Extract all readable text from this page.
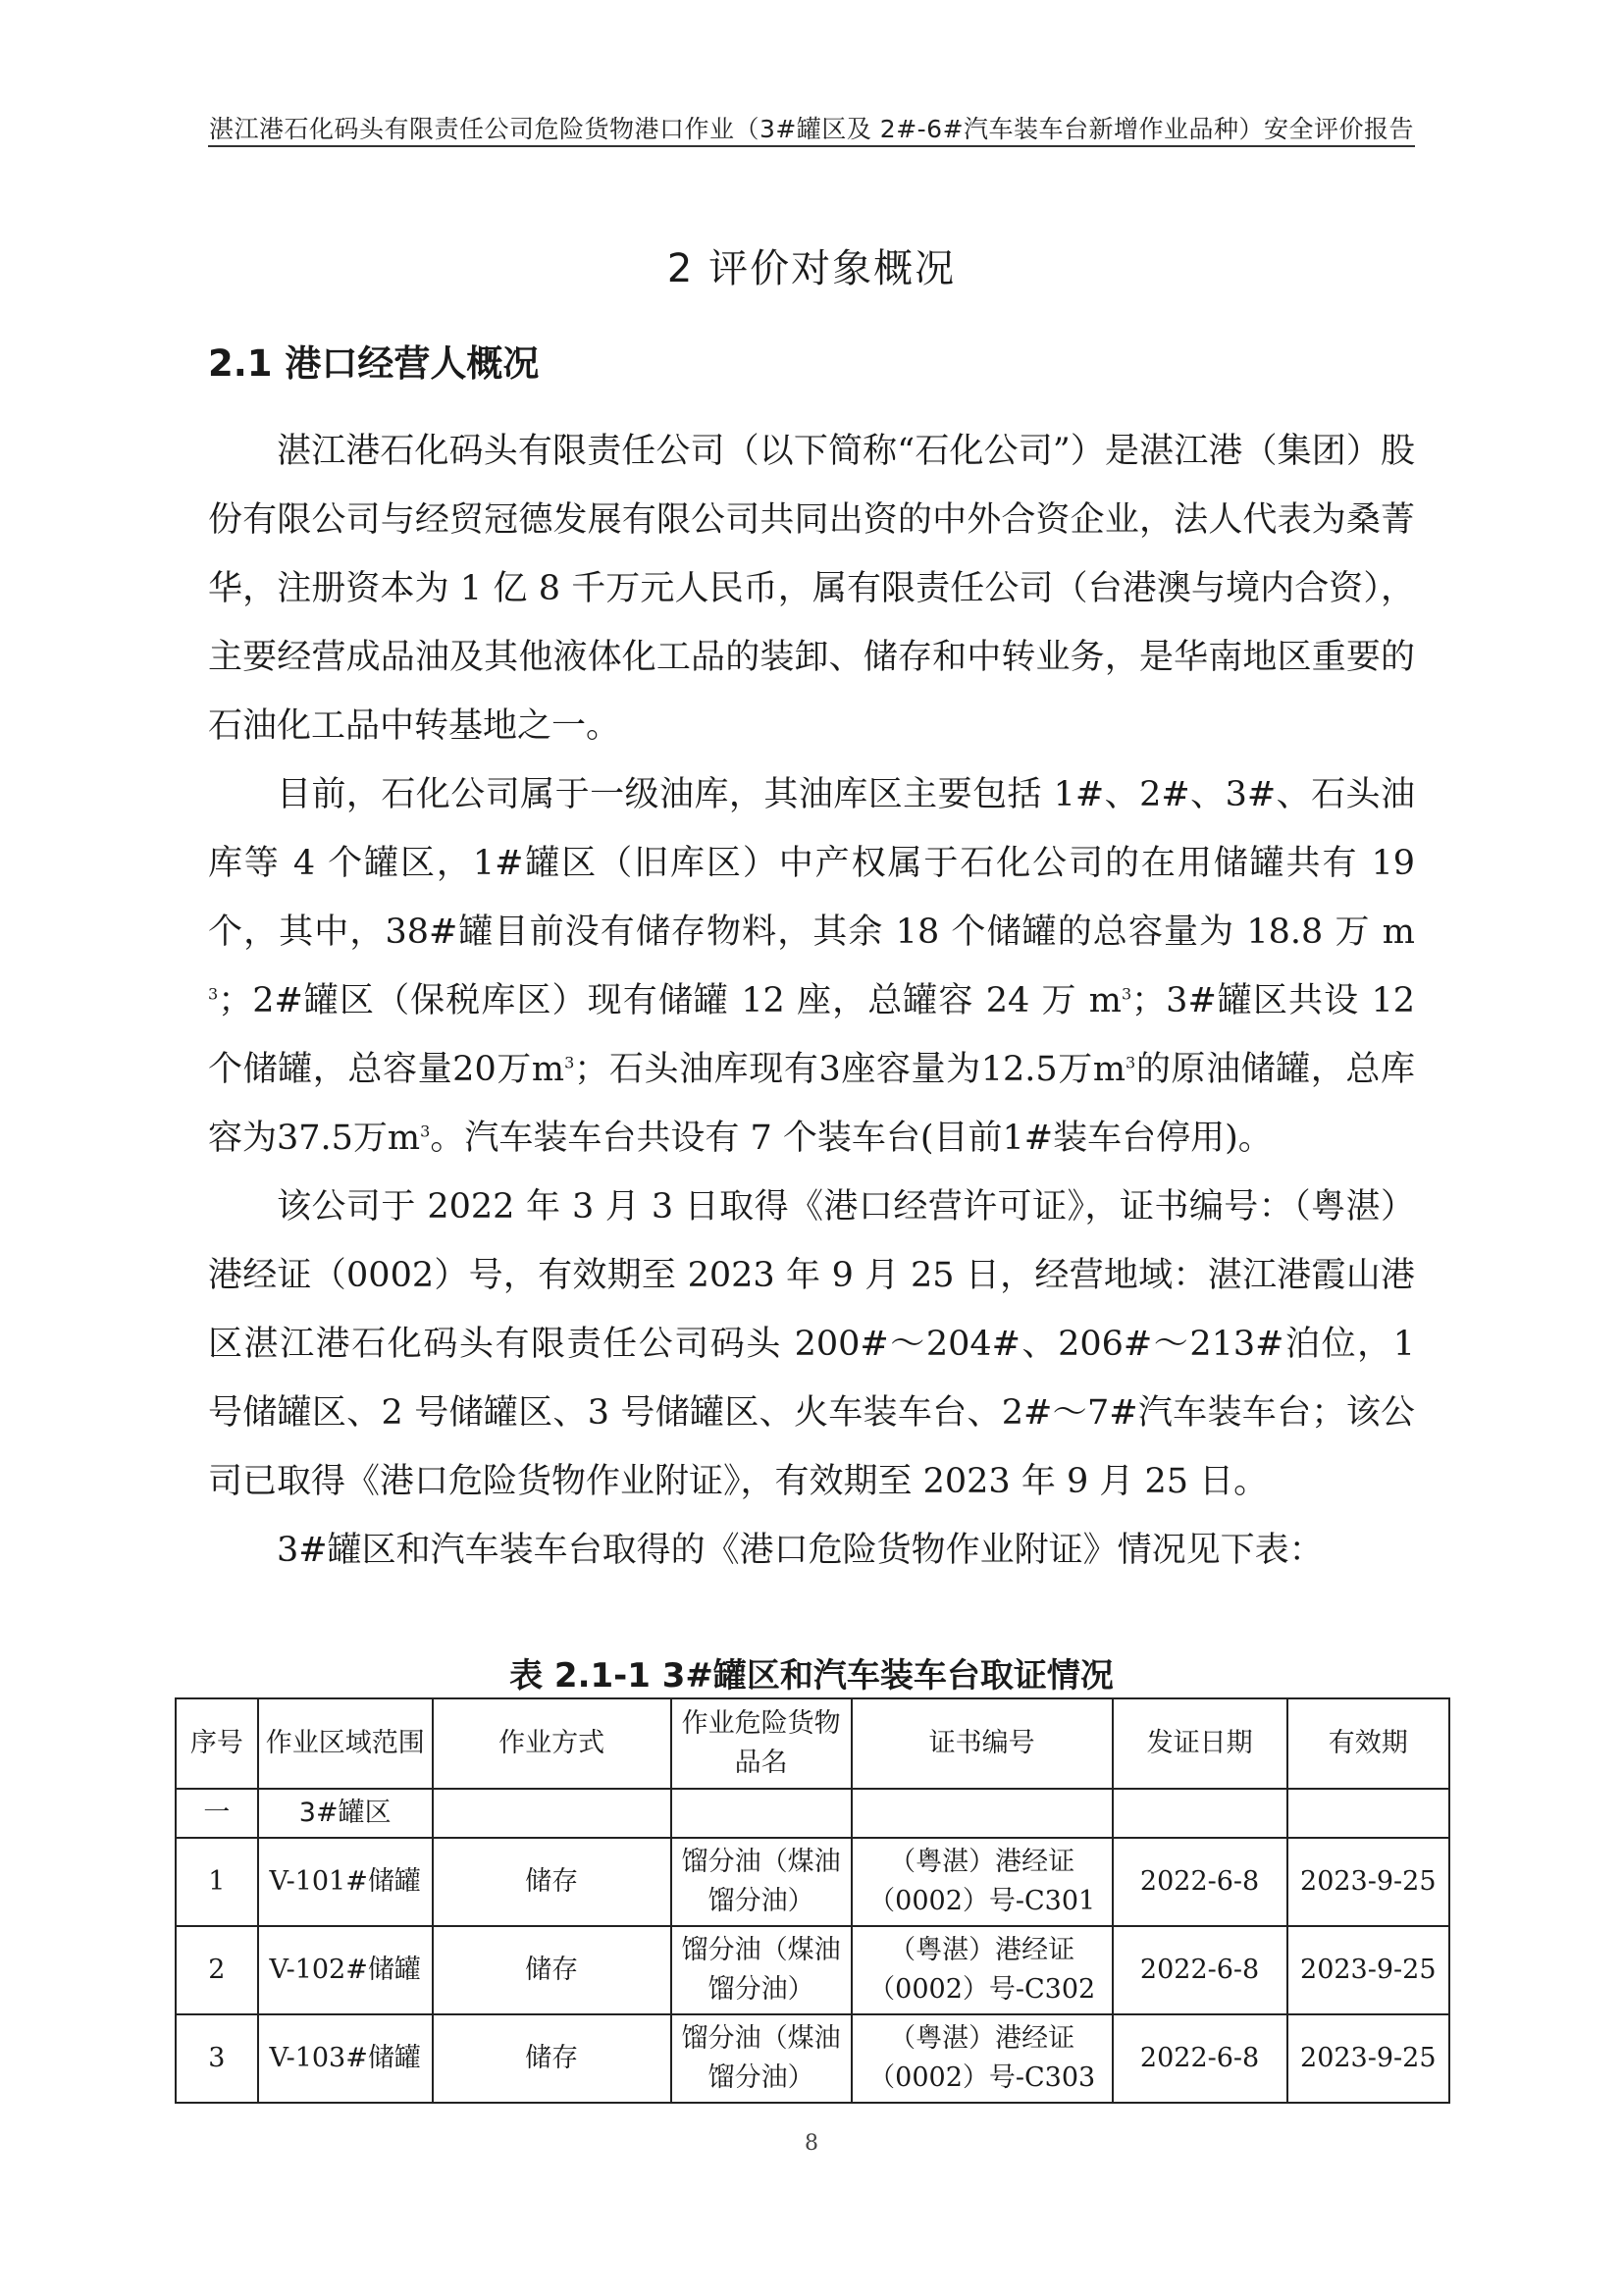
湛江港石化码头有限责任公司危险货物港口作业（3#罐区及 2#-6#汽车装车台新增作业品种）安全评价报告
2 评价对象概况
2.1 港口经营人概况

湛江港石化码头有限责任公司（以下简称“石化公司”）是湛江港（集团）股份有限公司与经贸冠德发展有限公司共同出资的中外合资企业，法人代表为桑菁华，注册资本为 1 亿 8 千万元人民币，属有限责任公司（台港澳与境内合资），主要经营成品油及其他液体化工品的装卸、储存和中转业务，是华南地区重要的石油化工品中转基地之一。

目前，石化公司属于一级油库，其油库区主要包括 1#、2#、3#、石头油库等 4 个罐区，1#罐区（旧库区）中产权属于石化公司的在用储罐共有 19 个，其中，38#罐目前没有储存物料，其余 18 个储罐的总容量为 18.8 万 $m^3$；2#罐区（保税库区）现有储罐 12 座，总罐容 24 万 $m^3$；3#罐区共设 12 个储罐，总容量20万$m^3$；石头油库现有3座容量为12.5万$m^3$的原油储罐，总库容为37.5万$m^3$。汽车装车台共设有 7 个装车台(目前1#装车台停用)。

该公司于 2022 年 3 月 3 日取得《港口经营许可证》，证书编号：（粤湛）港经证（0002）号，有效期至 2023 年 9 月 25 日，经营地域：湛江港霞山港区湛江港石化码头有限责任公司码头 200#～204#、206#～213#泊位，1 号储罐区、2 号储罐区、3 号储罐区、火车装车台、2#～7#汽车装车台；该公司已取得《港口危险货物作业附证》，有效期至 2023 年 9 月 25 日。

3#罐区和汽车装车台取得的《港口危险货物作业附证》情况见下表：

表 2.1-1 3#罐区和汽车装车台取证情况
序号	作业区域范围	作业方式	作业危险货物品名	证书编号	发证日期	有效期
一	3#罐区					
1	V-101#储罐	储存	馏分油（煤油馏分油）	（粤湛）港经证（0002）号-C301	2022-6-8	2023-9-25
2	V-102#储罐	储存	馏分油（煤油馏分油）	（粤湛）港经证（0002）号-C302	2022-6-8	2023-9-25
3	V-103#储罐	储存	馏分油（煤油馏分油）	（粤湛）港经证（0002）号-C303	2022-6-8	2023-9-25
8
